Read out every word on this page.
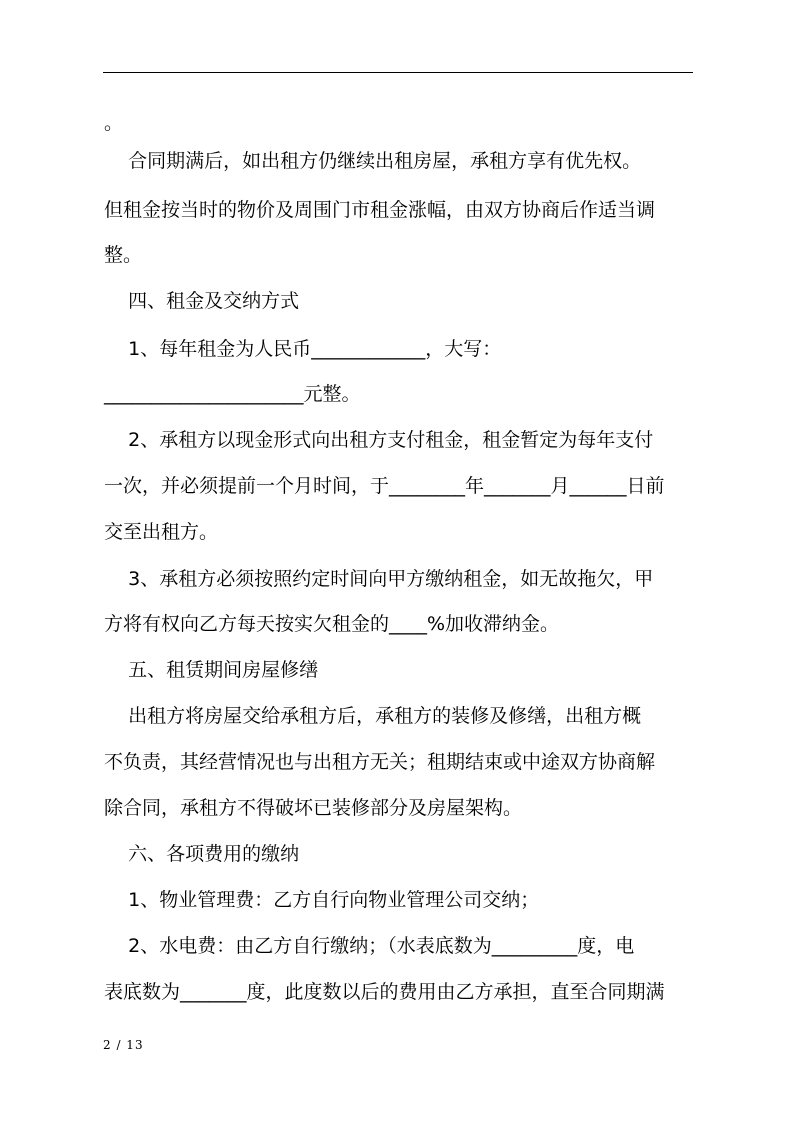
。
合同期满后，如出租方仍继续出租房屋，承租方享有优先权。
但租金按当时的物价及周围门市租金涨幅，由双方协商后作适当调
整。
四、租金及交纳方式
1、每年租金为人民币____________，大写：
_____________________元整。
2、承租方以现金形式向出租方支付租金，租金暂定为每年支付
一次，并必须提前一个月时间，于________年_______月______日前
交至出租方。
3、承租方必须按照约定时间向甲方缴纳租金，如无故拖欠，甲
方将有权向乙方每天按实欠租金的____%加收滞纳金。
五、租赁期间房屋修缮
出租方将房屋交给承租方后，承租方的装修及修缮，出租方概
不负责，其经营情况也与出租方无关；租期结束或中途双方协商解
除合同，承租方不得破坏已装修部分及房屋架构。
六、各项费用的缴纳
1、物业管理费：乙方自行向物业管理公司交纳；
2、水电费：由乙方自行缴纳；（水表底数为_________度，电
表底数为_______度，此度数以后的费用由乙方承担，直至合同期满
2 / 13
